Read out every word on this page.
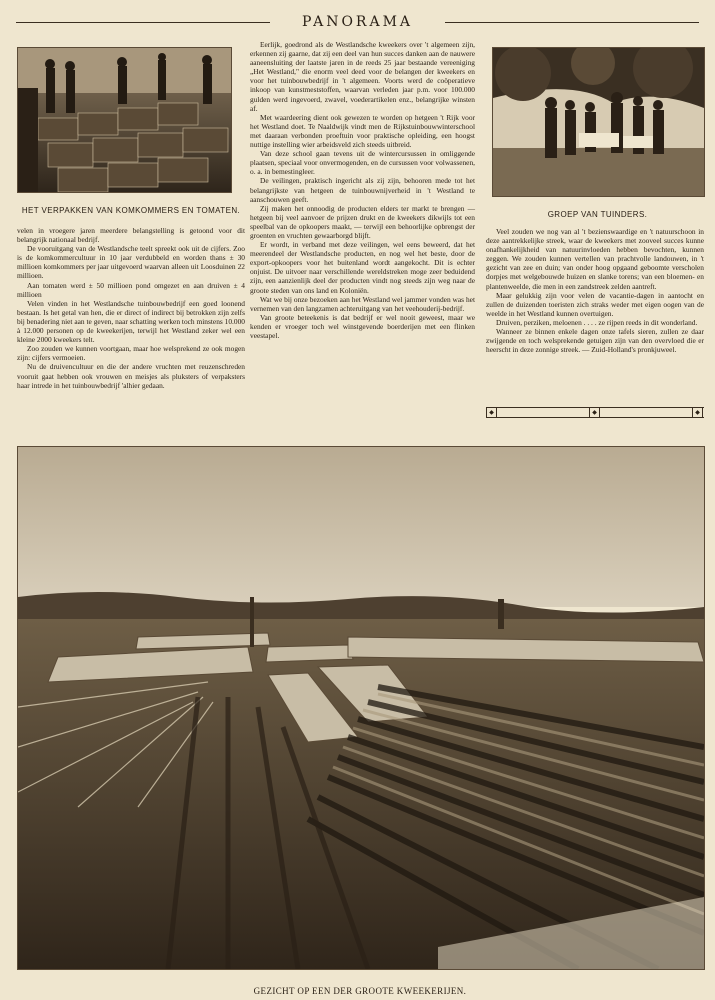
PANORAMA
HET VERPAKKEN VAN KOMKOMMERS EN TOMATEN.	GROEP VAN TUINDERS.

velen in vroegere jaren meerdere belangstelling is getoond voor dit belangrijk nationaal bedrijf.

De vooruitgang van de Westlandsche teelt spreekt ook uit de cijfers. Zoo is de komkommercultuur in 10 jaar verdubbeld en worden thans ± 30 millioen komkommers per jaar uitgevoerd waarvan alleen uit Loosduinen 22 millioen.

Aan tomaten werd ± 50 millioen pond omgezet en aan druiven ± 4 millioen

Velen vinden in het Westlandsche tuinbouwbedrijf een goed loonend bestaan. Is het getal van hen, die er direct of indirect bij betrokken zijn zelfs bij benadering niet aan te geven, naar schatting werken toch minstens 10.000 à 12.000 personen op de kweekerijen, terwijl het Westland zeker wel een kleine 2000 kweekers telt.

Zoo zouden we kunnen voortgaan, maar hoe welsprekend ze ook mogen zijn: cijfers vermoeien.

Nu de druivencultuur en die der andere vruchten met reuzenschreden vooruit gaat hebben ook vrouwen en meisjes als pluksters of verpaksters haar intrede in het tuinbouwbedrijf 'alhier gedaan.

Eerlijk, goedrond als de Westlandsche kweekers over 't algemeen zijn, erkennen zij gaarne, dat zij een deel van hun succes danken aan de nauwere aaneensluiting der laatste jaren in de reeds 25 jaar bestaande vereeniging „Het Westland," die enorm veel deed voor de belangen der kweekers en voor het tuinbouwbedrijf in 't algemeen. Voorts werd de coöperatieve inkoop van kunstmeststoffen, waarvan verleden jaar p.m. voor 100.000 gulden werd ingevoerd, zwavel, voederartikelen enz., belangrijke winsten af.

Met waardeering dient ook gewezen te worden op hetgeen 't Rijk voor het Westland doet. Te Naaldwijk vindt men de Rijkstuinbouwwinterschool met daaraan verbonden proeftuin voor praktische opleiding, een hoogst nuttige instelling wier arbeidsveld zich steeds uitbreid.

Van deze school gaan tevens uit de wintercursussen in omliggende plaatsen, speciaal voor onvermogenden, en de cursussen voor volwassenen, o. a. in bemestingleer.

De veilingen, praktisch ingericht als zij zijn, behooren mede tot het belangrijkste van hetgeen de tuinbouwnijverheid in 't Westland te aanschouwen geeft.

Zij maken het onnoodig de producten elders ter markt te brengen — hetgeen bij veel aanvoer de prijzen drukt en de kweekers dikwijls tot een speelbal van de opkoopers maakt, — terwijl een behoorlijke opbrengst der groenten en vruchten gewaarborgd blijft.

Er wordt, in verband met deze veilingen, wel eens beweerd, dat het meerendeel der Westlandsche producten, en nog wel het beste, door de export-opkoopers voor het buitenland wordt aangekocht. Dit is echter onjuist. De uitvoer naar verschillende wereldstreken moge zeer beduidend zijn, een aanzienlijk deel der producten vindt nog steeds zijn weg naar de groote steden van ons land en Koloniën.

Wat we bij onze bezoeken aan het Westland wel jammer vonden was het vernemen van den langzamen achteruitgang van het veehouderij-bedrijf.

Van groote beteekenis is dat bedrijf er wel nooit geweest, maar we kenden er vroeger toch wel winstgevende boerderijen met een flinken veestapel.

Veel zouden we nog van al 't bezienswaardige en 't natuurschoon in deze aantrekkelijke streek, waar de kweekers met zooveel succes kunne onafhankelijkheid van natuurinvloeden hebben bevochten, kunnen zeggen. We zouden kunnen vertellen van prachtvolle landouwen, in 't gezicht van zee en duin; van onder hoog opgaand geboomte verscholen dorpjes met welgebouwde huizen en slanke torens; van een bloemen- en plantenweelde, die men in een zandstreek zelden aantreft.

Maar gelukkig zijn voor velen de vacantie-dagen in aantocht en zullen de duizenden toeristen zich straks weder met eigen oogen van de weelde in het Westland kunnen overtuigen.

Druiven, perziken, meloenen . . . . ze rijpen reeds in dit wonderland.

Wanneer ze binnen enkele dagen onze tafels sieren, zullen ze daar zwijgende en toch welsprekende getuigen zijn van den overvloed die er heerscht in deze zonnige streek. — Zuid-Holland's pronkjuweel.

◆	◆	◆
GEZICHT OP EEN DER GROOTE KWEEKERIJEN.
